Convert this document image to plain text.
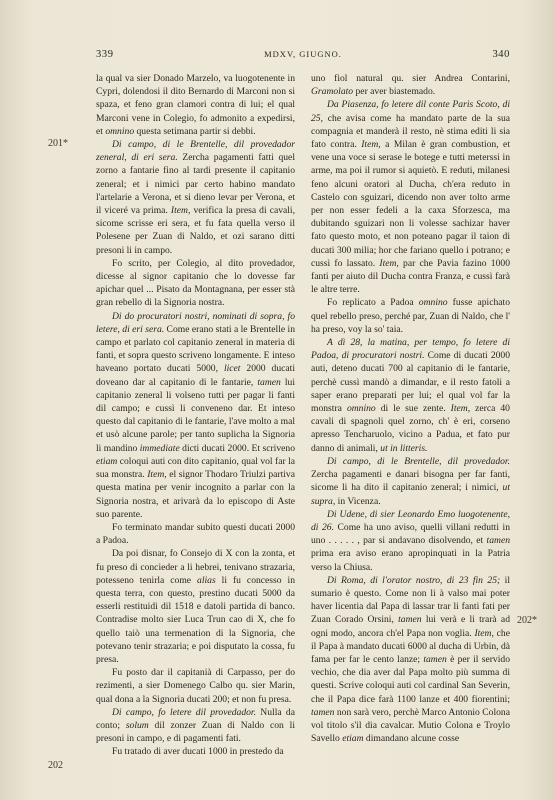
339	MDXV, GIUGNO.	340
201*
202
202*

la qual va sier Donado Marzelo, va luogotenente in Cypri, dolendosi il dito Bernardo di Marconi non si spaza, et feno gran clamori contra di lui; el qual Marconi vene in Colegio, fo admonito a expedirsi, et omnino questa setimana partir si debbi.

Di campo, di le Brentelle, dil provedador zeneral, di eri sera. Zercha pagamenti fatti quel zorno a fantarie fino al tardi presente il capitanio zeneral; et i nimici par certo habino mandato l'artelarie a Verona, et si dieno levar per Verona, et il viceré va prima. Item, verifica la presa di cavali, sicome scrisse eri sera, et fu fata quella verso il Polesene per Zuan di Naldo, et ozi sarano ditti presoni li in campo.

Fo scrito, per Colegio, al dito provedador, dicesse al signor capitanio che lo dovesse far apichar quel ... Pisato da Montagnana, per esser stà gran rebello di la Signoria nostra.

Di do procuratori nostri, nominati di sopra, fo letere, di eri sera. Come erano stati a le Brentelle in campo et parlato col capitanio zeneral in materia di fanti, et sopra questo scriveno longamente. E inteso haveano portato ducati 5000, licet 2000 ducati doveano dar al capitanio di le fantarie, tamen lui capitanio zeneral li volseno tutti per pagar li fanti dil campo; e cussì li conveneno dar. Et inteso questo dal capitanio di le fantarie, l'ave molto a mal et usò alcune parole; per tanto suplicha la Signoria li mandino immediate dicti ducati 2000. Et scriveno etiam coloqui auti con dito capitanio, qual vol far la sua monstra. Item, el signor Thodaro Triulzi partiva questa matina per venir incognito a parlar con la Signoria nostra, et arivarà da lo episcopo di Aste suo parente.

Fo terminato mandar subito questi ducati 2000 a Padoa.

Da poi disnar, fo Consejo di X con la zonta, et fu preso di concieder a li hebrei, tenivano strazaria, potesseno tenirla come alias li fu concesso in questa terra, con questo, prestino ducati 5000 da esserli restituidi dil 1518 e datoli partida di banco. Contradise molto sier Luca Trun cao di X, che fo quello taiò una termenation di la Signoria, che potevano tenir strazaria; e poi disputato la cossa, fu presa.

Fu posto dar il capitanià di Carpasso, per do rezimenti, a sier Domenego Calbo qu. sier Marin, qual dona a la Signoria ducati 200; et non fu presa.

Di campo, fo letere dil provedador. Nulla da conto; solum dil zonzer Zuan di Naldo con li presoni in campo, e di pagamenti fati.

Fu tratado di aver ducati 1000 in prestedo da

uno fiol natural qu. sier Andrea Contarini, Gramolato per aver biastemado.

Da Piasenza, fo letere dil conte Paris Scoto, di 25, che avisa come ha mandato parte de la sua compagnia et manderà il resto, nè stima editi li sia fato contra. Item, a Milan è gran combustion, et vene una voce si serase le botege e tutti meterssi in arme, ma poi il rumor si aquietò. E reduti, milanesi feno alcuni oratori al Ducha, ch'era reduto in Castelo con sguizari, dicendo non aver tolto arme per non esser fedeli a la caxa Sforzesca, ma dubitando sguizari non li volesse sachizar haver fato questo moto, et non poteano pagar il taion di ducati 300 milia; hor che fariano quello i potrano; e cussì fo lassato. Item, par che Pavia fazino 1000 fanti per aiuto dil Ducha contra Franza, e cussì farà le altre terre.

Fo replicato a Padoa omnino fusse apichato quel rebello preso, perché par, Zuan di Naldo, che l' ha preso, voy la so' taia.

A dì 28, la matina, per tempo, fo letere di Padoa, di procuratori nostri. Come di ducati 2000 auti, deteno ducati 700 al capitanio di le fantarie, perchè cussì mandò a dimandar, e il resto fatoli a saper erano preparati per lui; el qual vol far la monstra omnino di le sue zente. Item, zerca 40 cavali di spagnoli quel zorno, ch' è eri, corseno apresso Tencharuolo, vicino a Padua, et fato pur danno di animali, ut in litteris.

Di campo, di le Brentelle, dil provedador. Zercha pagamenti e danari bisogna per far fanti, sicome li ha dito il capitanio zeneral; i nimici, ut supra, in Vicenza.

Di Udene, di sier Leonardo Emo luogotenente, di 26. Come ha uno aviso, quelli villani redutti in uno . . . . . , par si andavano disolvendo, et tamen prima era aviso erano apropinquati in la Patria verso la Chiusa.

Di Roma, di l'orator nostro, di 23 fin 25; il sumario è questo. Come non li à valso mai poter haver licentia dal Papa di lassar trar li fanti fati per Zuan Corado Orsini, tamen lui verà e li trarà ad ogni modo, ancora ch'el Papa non voglia. Item, che il Papa à mandato ducati 6000 al ducha di Urbin, dà fama per far le cento lanze; tamen è per il servido vechio, che dia aver dal Papa molto più summa di questi. Scrive coloqui auti col cardinal San Severin, che il Papa dice farà 1100 lanze et 400 fiorentini; tamen non sarà vero, perchè Marco Antonio Colona vol titolo s'il dia cavalcar. Mutio Colona e Troylo Savello etiam dimandano alcune cosse
